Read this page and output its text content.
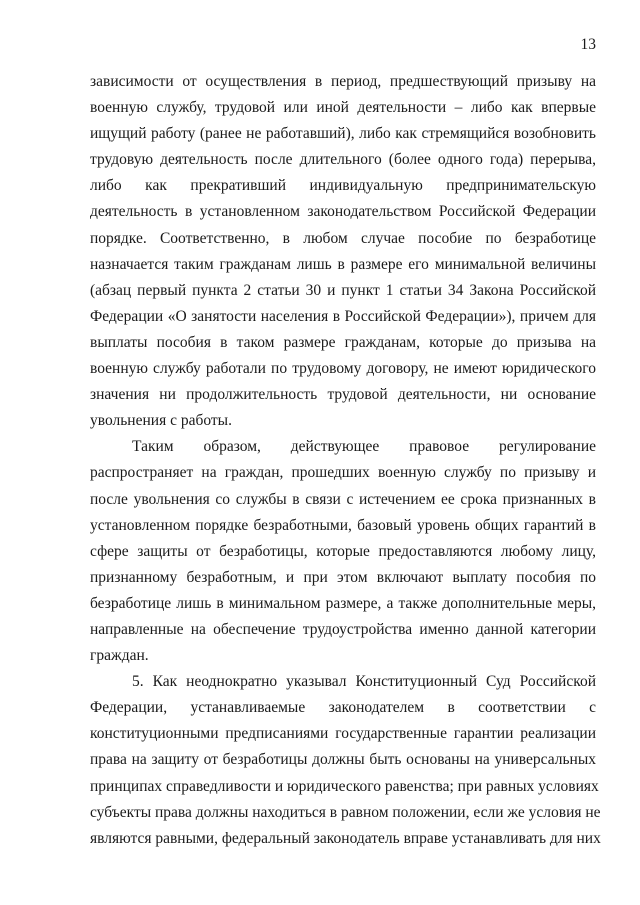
13
зависимости от осуществления в период, предшествующий призыву на
военную службу, трудовой или иной деятельности – либо как впервые
ищущий работу (ранее не работавший), либо как стремящийся возобновить
трудовую деятельность после длительного (более одного года) перерыва,
либо как прекративший индивидуальную предпринимательскую
деятельность в установленном законодательством Российской Федерации
порядке. Соответственно, в любом случае пособие по безработице
назначается таким гражданам лишь в размере его минимальной величины
(абзац первый пункта 2 статьи 30 и пункт 1 статьи 34 Закона Российской
Федерации «О занятости населения в Российской Федерации»), причем для
выплаты пособия в таком размере гражданам, которые до призыва на
военную службу работали по трудовому договору, не имеют юридического
значения ни продолжительность трудовой деятельности, ни основание
увольнения с работы.
Таким образом, действующее правовое регулирование
распространяет на граждан, прошедших военную службу по призыву и
после увольнения со службы в связи с истечением ее срока признанных в
установленном порядке безработными, базовый уровень общих гарантий в
сфере защиты от безработицы, которые предоставляются любому лицу,
признанному безработным, и при этом включают выплату пособия по
безработице лишь в минимальном размере, а также дополнительные меры,
направленные на обеспечение трудоустройства именно данной категории
граждан.
5. Как неоднократно указывал Конституционный Суд Российской
Федерации, устанавливаемые законодателем в соответствии с
конституционными предписаниями государственные гарантии реализации
права на защиту от безработицы должны быть основаны на универсальных
принципах справедливости и юридического равенства; при равных условиях
субъекты права должны находиться в равном положении, если же условия не
являются равными, федеральный законодатель вправе устанавливать для них
